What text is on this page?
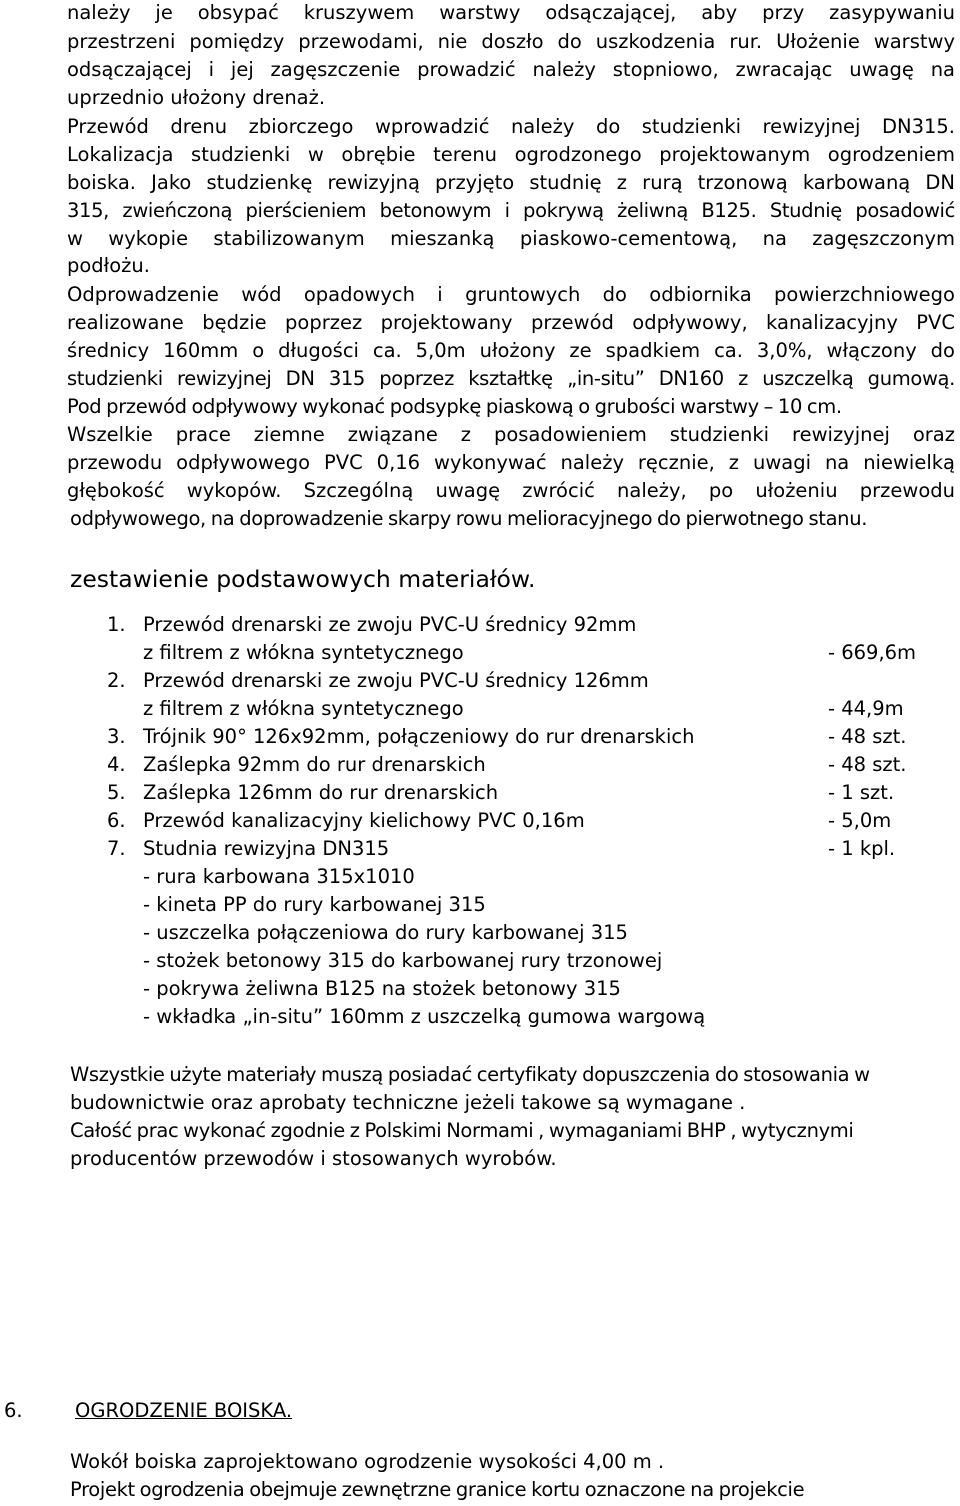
należy je obsypać kruszywem warstwy odsączającej, aby przy zasypywaniu
przestrzeni pomiędzy przewodami, nie doszło do uszkodzenia rur. Ułożenie warstwy
odsączającej i jej zagęszczenie prowadzić należy stopniowo, zwracając uwagę na
uprzednio ułożony drenaż.
Przewód drenu zbiorczego wprowadzić należy do studzienki rewizyjnej DN315.
Lokalizacja studzienki w obrębie terenu ogrodzonego projektowanym ogrodzeniem
boiska. Jako studzienkę rewizyjną przyjęto studnię z rurą trzonową karbowaną DN
315, zwieńczoną pierścieniem betonowym i pokrywą żeliwną B125. Studnię posadowić
w wykopie stabilizowanym mieszanką piaskowo-cementową, na zagęszczonym
podłożu.
Odprowadzenie wód opadowych i gruntowych do odbiornika powierzchniowego
realizowane będzie poprzez projektowany przewód odpływowy, kanalizacyjny PVC
średnicy 160mm o długości ca. 5,0m ułożony ze spadkiem ca. 3,0%, włączony do
studzienki rewizyjnej DN 315 poprzez kształtkę „in-situ” DN160 z uszczelką gumową.
Pod przewód odpływowy wykonać podsypkę piaskową o grubości warstwy – 10 cm.
Wszelkie prace ziemne związane z posadowieniem studzienki rewizyjnej oraz
przewodu odpływowego PVC 0,16 wykonywać należy ręcznie, z uwagi na niewielką
głębokość wykopów. Szczególną uwagę zwrócić należy, po ułożeniu przewodu
odpływowego, na doprowadzenie skarpy rowu melioracyjnego do pierwotnego stanu.
zestawienie podstawowych materiałów.
1. Przewód drenarski ze zwoju PVC-U średnicy 92mm
z filtrem z włókna syntetycznego	- 669,6m
2. Przewód drenarski ze zwoju PVC-U średnicy 126mm
z filtrem z włókna syntetycznego	- 44,9m
3. Trójnik 90° 126x92mm, połączeniowy do rur drenarskich	- 48 szt.
4. Zaślepka 92mm do rur drenarskich	- 48 szt.
5. Zaślepka 126mm do rur drenarskich	- 1 szt.
6. Przewód kanalizacyjny kielichowy PVC 0,16m	- 5,0m
7. Studnia rewizyjna DN315	- 1 kpl.
- rura karbowana 315x1010
- kineta PP do rury karbowanej 315
- uszczelka połączeniowa do rury karbowanej 315
- stożek betonowy 315 do karbowanej rury trzonowej
- pokrywa żeliwna B125 na stożek betonowy 315
- wkładka „in-situ” 160mm z uszczelką gumowa wargową
Wszystkie użyte materiały muszą posiadać certyfikaty dopuszczenia do stosowania w
budownictwie oraz aprobaty techniczne jeżeli takowe są wymagane .
Całość prac wykonać zgodnie z Polskimi Normami , wymaganiami BHP , wytycznymi
producentów przewodów i stosowanych wyrobów.
6.	OGRODZENIE BOISKA.
Wokół boiska zaprojektowano ogrodzenie wysokości 4,00 m .
Projekt ogrodzenia obejmuje zewnętrzne granice kortu oznaczone na projekcie
